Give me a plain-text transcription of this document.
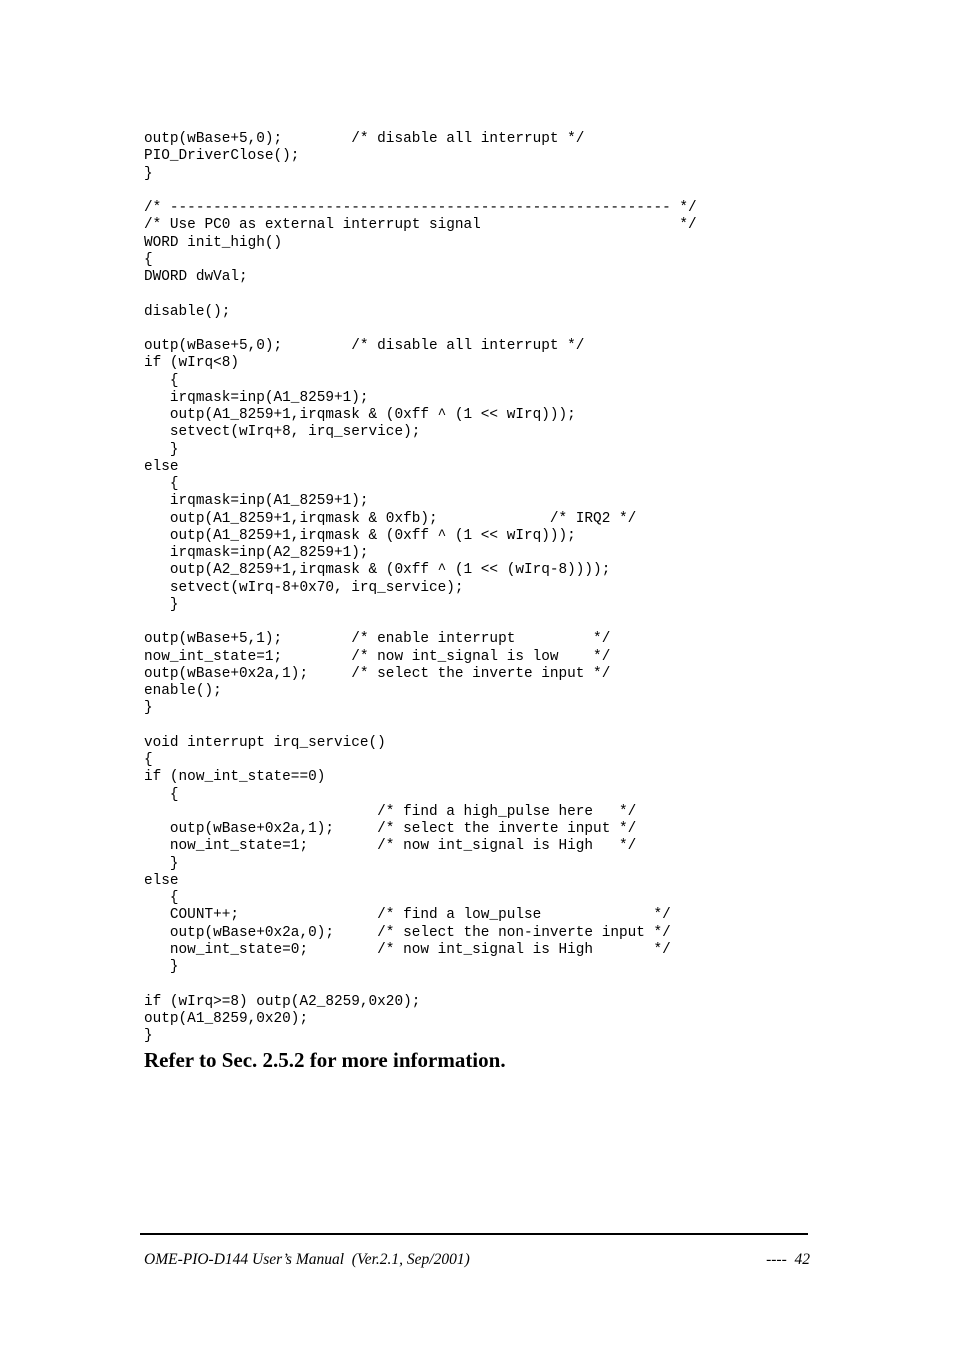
outp(wBase+5,0);        /* disable all interrupt */
PIO_DriverClose();
}

/* ---------------------------------------------------------- */
/* Use PC0 as external interrupt signal                       */
WORD init_high()
{
DWORD dwVal;

disable();

outp(wBase+5,0);        /* disable all interrupt */
if (wIrq<8)
{
irqmask=inp(A1_8259+1);
outp(A1_8259+1,irqmask & (0xff ^ (1 << wIrq)));
setvect(wIrq+8, irq_service);
}
else
{
irqmask=inp(A1_8259+1);
outp(A1_8259+1,irqmask & 0xfb);             /* IRQ2 */
outp(A1_8259+1,irqmask & (0xff ^ (1 << wIrq)));
irqmask=inp(A2_8259+1);
outp(A2_8259+1,irqmask & (0xff ^ (1 << (wIrq-8))));
setvect(wIrq-8+0x70, irq_service);
}

outp(wBase+5,1);        /* enable interrupt         */
now_int_state=1;        /* now int_signal is low    */
outp(wBase+0x2a,1);     /* select the inverte input */
enable();
}

void interrupt irq_service()
{
if (now_int_state==0)
{
/* find a high_pulse here   */
outp(wBase+0x2a,1);     /* select the inverte input */
now_int_state=1;        /* now int_signal is High   */
}
else
{
COUNT++;                /* find a low_pulse             */
outp(wBase+0x2a,0);     /* select the non-inverte input */
now_int_state=0;        /* now int_signal is High       */
}

if (wIrq>=8) outp(A2_8259,0x20);
outp(A1_8259,0x20);
}
Refer to Sec. 2.5.2 for more information.
OME-PIO-D144 User’s Manual  (Ver.2.1, Sep/2001)	----  42
